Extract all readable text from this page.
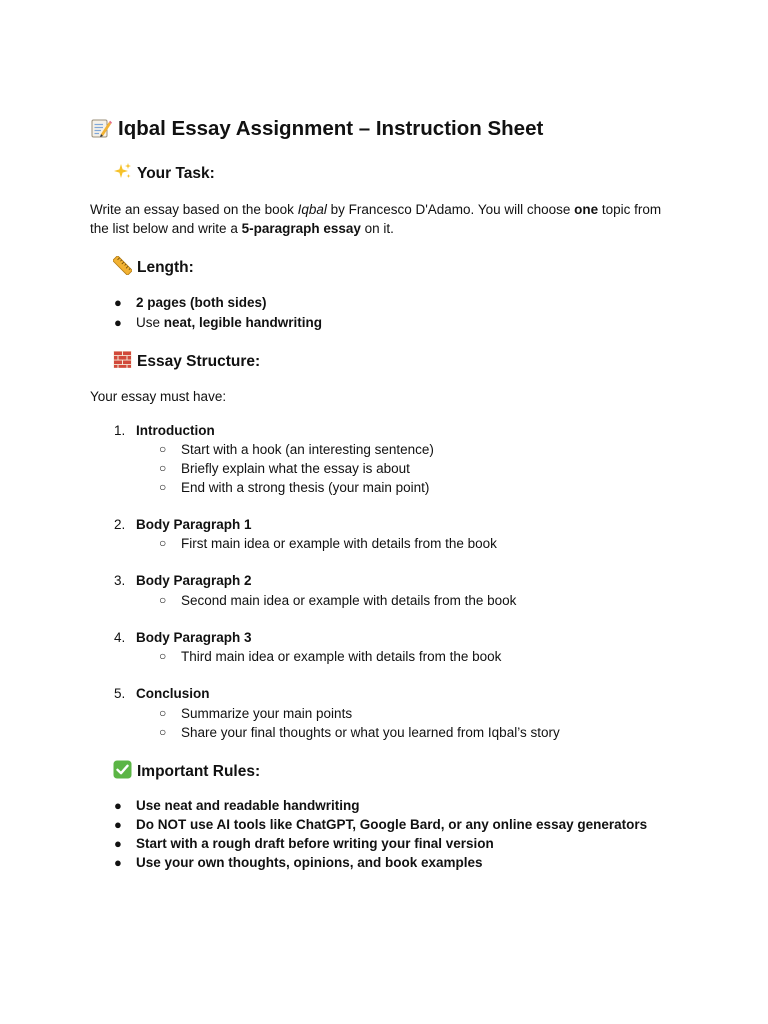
Iqbal Essay Assignment – Instruction Sheet
Your Task:
Write an essay based on the book Iqbal by Francesco D'Adamo. You will choose one topic from
the list below and write a 5-paragraph essay on it.
Length:
● 2 pages (both sides)
● Use neat, legible handwriting
Essay Structure:
Your essay must have:
1. Introduction
○ Start with a hook (an interesting sentence)
○ Briefly explain what the essay is about
○ End with a strong thesis (your main point)
2. Body Paragraph 1
○ First main idea or example with details from the book
3. Body Paragraph 2
○ Second main idea or example with details from the book
4. Body Paragraph 3
○ Third main idea or example with details from the book
5. Conclusion
○ Summarize your main points
○ Share your final thoughts or what you learned from Iqbal’s story
Important Rules:
● Use neat and readable handwriting
● Do NOT use AI tools like ChatGPT, Google Bard, or any online essay generators
● Start with a rough draft before writing your final version
● Use your own thoughts, opinions, and book examples
